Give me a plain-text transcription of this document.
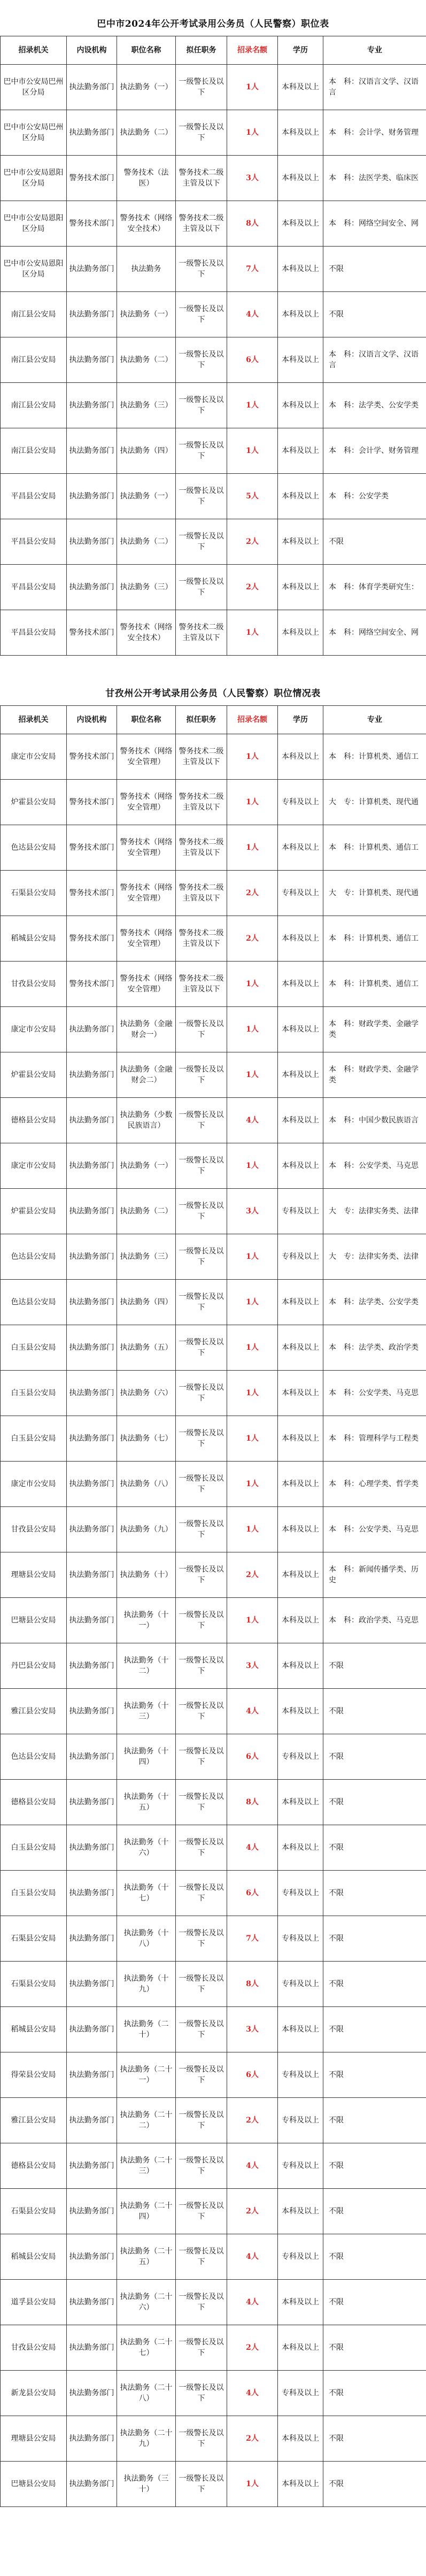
巴中市2024年公开考试录用公务员（人民警察）职位表
招录机关	内设机构	职位名称	拟任职务	招录名额	学历	专业
巴中市公安局巴州区分局	执法勤务部门	执法勤务（一）	一级警长及以下	1人	本科及以上	本　科：汉语言文学、汉语言
巴中市公安局巴州区分局	执法勤务部门	执法勤务（二）	一级警长及以下	1人	本科及以上	本　科：会计学、财务管理
巴中市公安局恩阳区分局	警务技术部门	警务技术（法医）	警务技术二级主管及以下	3人	本科及以上	本　科：法医学类、临床医
巴中市公安局恩阳区分局	警务技术部门	警务技术（网络安全技术）	警务技术二级主管及以下	8人	本科及以上	本　科：网络空间安全、网
巴中市公安局恩阳区分局	执法勤务部门	执法勤务	一级警长及以下	7人	本科及以上	不限
南江县公安局	执法勤务部门	执法勤务（一）	一级警长及以下	4人	本科及以上	不限
南江县公安局	执法勤务部门	执法勤务（二）	一级警长及以下	6人	本科及以上	本　科：汉语言文学、汉语言
南江县公安局	执法勤务部门	执法勤务（三）	一级警长及以下	1人	本科及以上	本　科：法学类、公安学类
南江县公安局	执法勤务部门	执法勤务（四）	一级警长及以下	1人	本科及以上	本　科：会计学、财务管理
平昌县公安局	执法勤务部门	执法勤务（一）	一级警长及以下	5人	本科及以上	本　科：公安学类
平昌县公安局	执法勤务部门	执法勤务（二）	一级警长及以下	2人	本科及以上	不限
平昌县公安局	执法勤务部门	执法勤务（三）	一级警长及以下	2人	本科及以上	本　科：体育学类研究生：
平昌县公安局	警务技术部门	警务技术（网络安全技术）	警务技术二级主管及以下	1人	本科及以上	本　科：网络空间安全、网
甘孜州公开考试录用公务员（人民警察）职位情况表
招录机关	内设机构	职位名称	拟任职务	招录名额	学历	专业
康定市公安局	警务技术部门	警务技术（网络安全管理）	警务技术二级主管及以下	1人	本科及以上	本　科：计算机类、通信工
炉霍县公安局	警务技术部门	警务技术（网络安全管理）	警务技术二级主管及以下	1人	专科及以上	大　专：计算机类、现代通
色达县公安局	警务技术部门	警务技术（网络安全管理）	警务技术二级主管及以下	1人	本科及以上	本　科：计算机类、通信工
石渠县公安局	警务技术部门	警务技术（网络安全管理）	警务技术二级主管及以下	2人	专科及以上	大　专：计算机类、现代通
稻城县公安局	警务技术部门	警务技术（网络安全管理）	警务技术二级主管及以下	2人	本科及以上	本　科：计算机类、通信工
甘孜县公安局	警务技术部门	警务技术（网络安全管理）	警务技术二级主管及以下	1人	本科及以上	本　科：计算机类、通信工
康定市公安局	执法勤务部门	执法勤务（金融财会一）	一级警长及以下	1人	本科及以上	本　科：财政学类、金融学类
炉霍县公安局	执法勤务部门	执法勤务（金融财会二）	一级警长及以下	1人	本科及以上	本　科：财政学类、金融学类
德格县公安局	执法勤务部门	执法勤务（少数民族语言）	一级警长及以下	4人	本科及以上	本　科：中国少数民族语言
康定市公安局	执法勤务部门	执法勤务（一）	一级警长及以下	1人	本科及以上	本　科：公安学类、马克思
炉霍县公安局	执法勤务部门	执法勤务（二）	一级警长及以下	3人	专科及以上	大　专：法律实务类、法律
色达县公安局	执法勤务部门	执法勤务（三）	一级警长及以下	1人	专科及以上	大　专：法律实务类、法律
色达县公安局	执法勤务部门	执法勤务（四）	一级警长及以下	1人	本科及以上	本　科：法学类、公安学类
白玉县公安局	执法勤务部门	执法勤务（五）	一级警长及以下	1人	本科及以上	本　科：法学类、政治学类
白玉县公安局	执法勤务部门	执法勤务（六）	一级警长及以下	1人	本科及以上	本　科：公安学类、马克思
白玉县公安局	执法勤务部门	执法勤务（七）	一级警长及以下	1人	本科及以上	本　科：管理科学与工程类
康定市公安局	执法勤务部门	执法勤务（八）	一级警长及以下	1人	本科及以上	本　科：心理学类、哲学类
甘孜县公安局	执法勤务部门	执法勤务（九）	一级警长及以下	1人	本科及以上	本　科：公安学类、马克思
理塘县公安局	执法勤务部门	执法勤务（十）	一级警长及以下	2人	本科及以上	本　科：新闻传播学类、历史
巴塘县公安局	执法勤务部门	执法勤务（十一）	一级警长及以下	1人	本科及以上	本　科：政治学类、马克思
丹巴县公安局	执法勤务部门	执法勤务（十二）	一级警长及以下	3人	本科及以上	不限
雅江县公安局	执法勤务部门	执法勤务（十三）	一级警长及以下	4人	本科及以上	不限
色达县公安局	执法勤务部门	执法勤务（十四）	一级警长及以下	6人	专科及以上	不限
德格县公安局	执法勤务部门	执法勤务（十五）	一级警长及以下	8人	本科及以上	不限
白玉县公安局	执法勤务部门	执法勤务（十六）	一级警长及以下	4人	本科及以上	不限
白玉县公安局	执法勤务部门	执法勤务（十七）	一级警长及以下	6人	专科及以上	不限
石渠县公安局	执法勤务部门	执法勤务（十八）	一级警长及以下	7人	专科及以上	不限
石渠县公安局	执法勤务部门	执法勤务（十九）	一级警长及以下	8人	专科及以上	不限
稻城县公安局	执法勤务部门	执法勤务（二十）	一级警长及以下	3人	本科及以上	不限
得荣县公安局	执法勤务部门	执法勤务（二十一）	一级警长及以下	6人	专科及以上	不限
雅江县公安局	执法勤务部门	执法勤务（二十二）	一级警长及以下	2人	专科及以上	不限
德格县公安局	执法勤务部门	执法勤务（二十三）	一级警长及以下	4人	专科及以上	不限
石渠县公安局	执法勤务部门	执法勤务（二十四）	一级警长及以下	2人	本科及以上	不限
稻城县公安局	执法勤务部门	执法勤务（二十五）	一级警长及以下	4人	专科及以上	不限
道孚县公安局	执法勤务部门	执法勤务（二十六）	一级警长及以下	4人	本科及以上	不限
甘孜县公安局	执法勤务部门	执法勤务（二十七）	一级警长及以下	2人	本科及以上	不限
新龙县公安局	执法勤务部门	执法勤务（二十八）	一级警长及以下	4人	专科及以上	不限
理塘县公安局	执法勤务部门	执法勤务（二十九）	一级警长及以下	2人	本科及以上	不限
巴塘县公安局	执法勤务部门	执法勤务（三十）	一级警长及以下	1人	本科及以上	不限
